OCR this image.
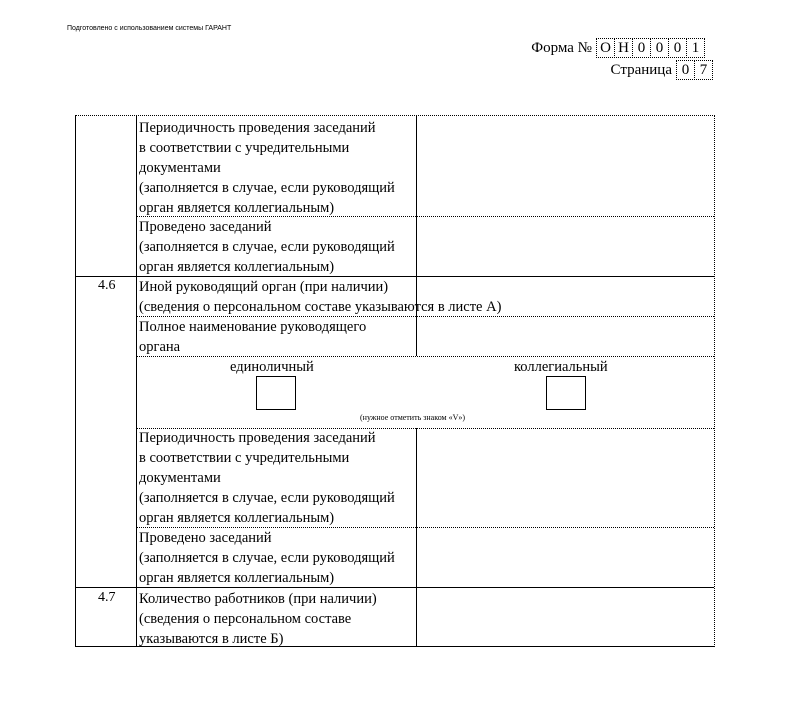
Подготовлено с использованием системы ГАРАНТ
Форма № О Н 0 0 0 1
Страница 0 7
Периодичность проведения заседаний
в соответствии с учредительными
документами
(заполняется в случае, если руководящий
орган является коллегиальным)
Проведено заседаний
(заполняется в случае, если руководящий
орган является коллегиальным)
4.6 Иной руководящий орган (при наличии)
(сведения о персональном составе указываются в листе А)
Полное наименование руководящего
органа
единоличный	коллегиальный
(нужное отметить знаком «V»)
Периодичность проведения заседаний
в соответствии с учредительными
документами
(заполняется в случае, если руководящий
орган является коллегиальным)
Проведено заседаний
(заполняется в случае, если руководящий
орган является коллегиальным)
4.7 Количество работников (при наличии)
(сведения о персональном составе
указываются в листе Б)
